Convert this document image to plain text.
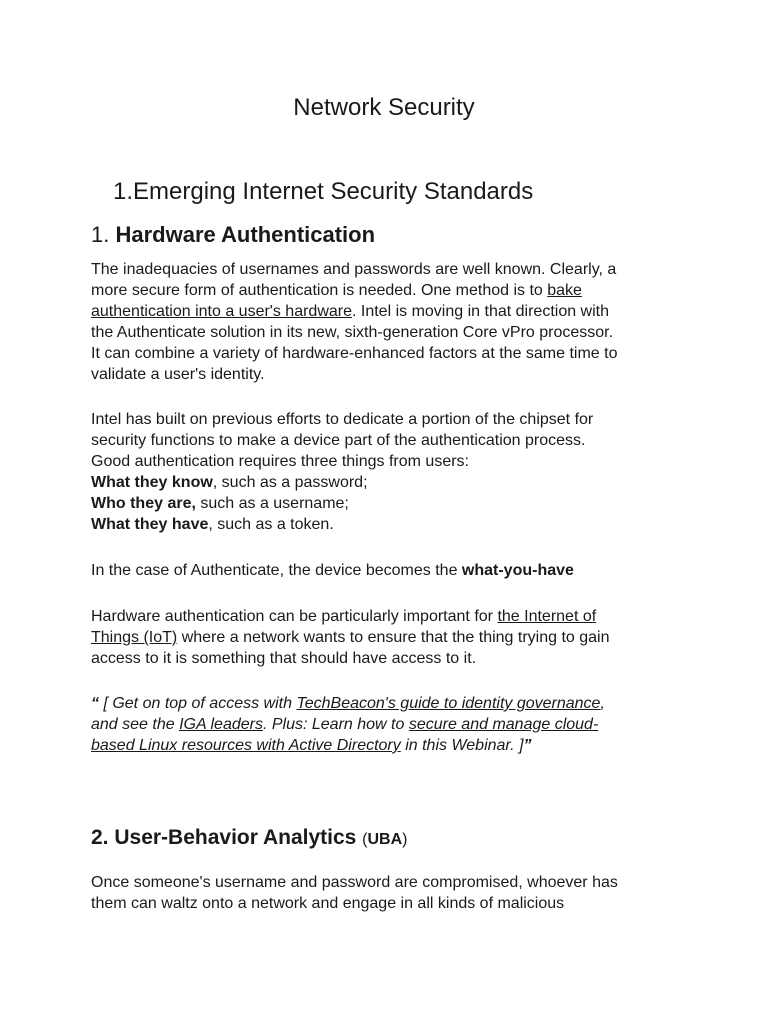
Network Security
1.Emerging Internet Security Standards
1. Hardware Authentication
The inadequacies of usernames and passwords are well known. Clearly, a
more secure form of authentication is needed. One method is to bake
authentication into a user's hardware. Intel is moving in that direction with
the Authenticate solution in its new, sixth-generation Core vPro processor.
It can combine a variety of hardware-enhanced factors at the same time to
validate a user's identity.
Intel has built on previous efforts to dedicate a portion of the chipset for
security functions to make a device part of the authentication process.
Good authentication requires three things from users:
What they know, such as a password;
Who they are, such as a username;
What they have, such as a token.
In the case of Authenticate, the device becomes the what-you-have
Hardware authentication can be particularly important for the Internet of
Things (IoT) where a network wants to ensure that the thing trying to gain
access to it is something that should have access to it.
“ [ Get on top of access with TechBeacon's guide to identity governance,
and see the IGA leaders. Plus: Learn how to secure and manage cloud-
based Linux resources with Active Directory in this Webinar. ]”
2. User-Behavior Analytics (UBA)
Once someone's username and password are compromised, whoever has
them can waltz onto a network and engage in all kinds of malicious
